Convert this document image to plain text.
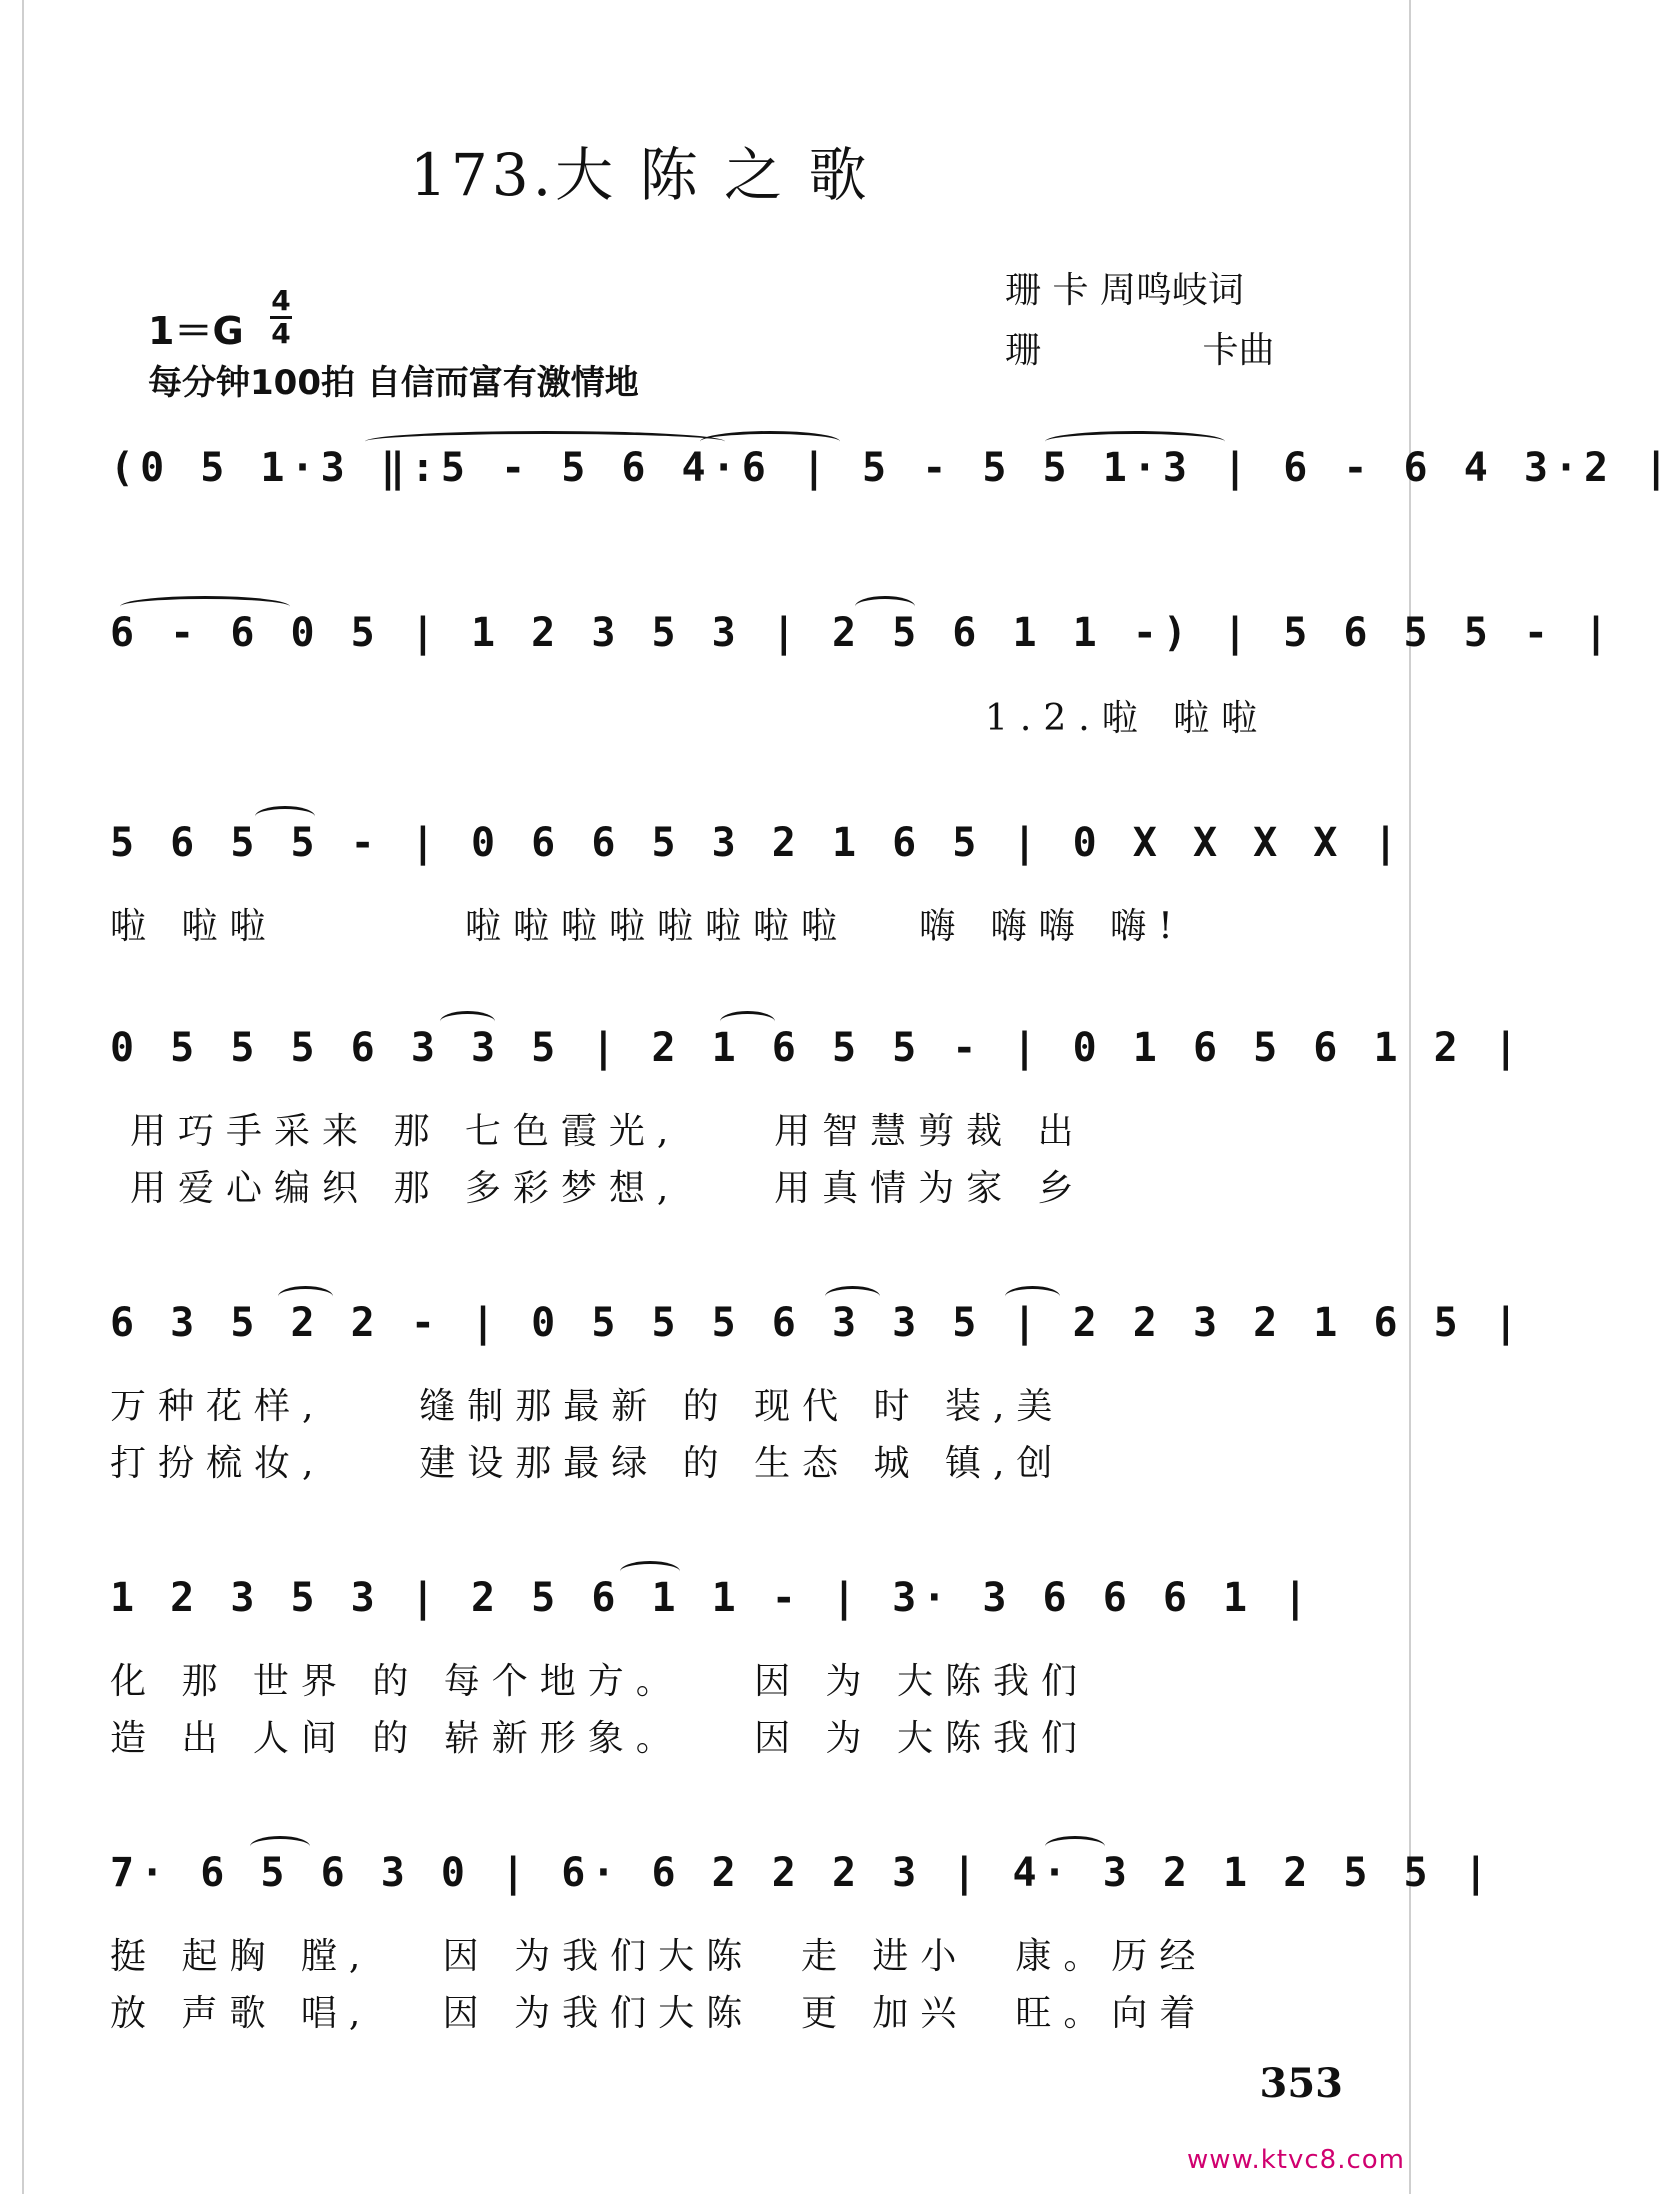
173.大 陈 之 歌
珊 卡 周鸣岐词
珊 卡曲
1＝G
4
4
每分钟100拍 自信而富有激情地
(0 5 1·3 ‖:5 - 5 6 4·6 | 5 - 5 5 1·3 | 6 - 6 4 3·2 |
6 - 6 0 5 | 1 2 3 5 3 | 2 5 6 1 1 -) | 5 6 5 5 - |
1.2.啦 啦啦
5 6 5 5 - | 0 6 6 5 3 2 1 6 5 | 0 X X X X |
啦 啦啦        啦啦啦啦啦啦啦啦   嗨 嗨嗨 嗨!
0 5 5 5 6 3 3 5 | 2 1 6 5 5 - | 0 1 6 5 6 1 2 |
用巧手采来 那 七色霞光,    用智慧剪裁 出
用爱心编织 那 多彩梦想,    用真情为家 乡
6 3 5 2 2 - | 0 5 5 5 6 3 3 5 | 2 2 3 2 1 6 5 |
万种花样,    缝制那最新 的 现代 时 装,美
打扮梳妆,    建设那最绿 的 生态 城 镇,创
1 2 3 5 3 | 2 5 6 1 1 - | 3· 3 6 6 6 1 |
化 那 世界 的 每个地方。   因 为 大陈我们
造 出 人间 的 崭新形象。   因 为 大陈我们
7· 6 5 6 3 0 | 6· 6 2 2 2 3 | 4· 3 2 1 2 5 5 |
挺 起胸 膛,   因 为我们大陈  走 进小  康。历经
放 声歌 唱,   因 为我们大陈  更 加兴  旺。向着
353
www.ktvc8.com
